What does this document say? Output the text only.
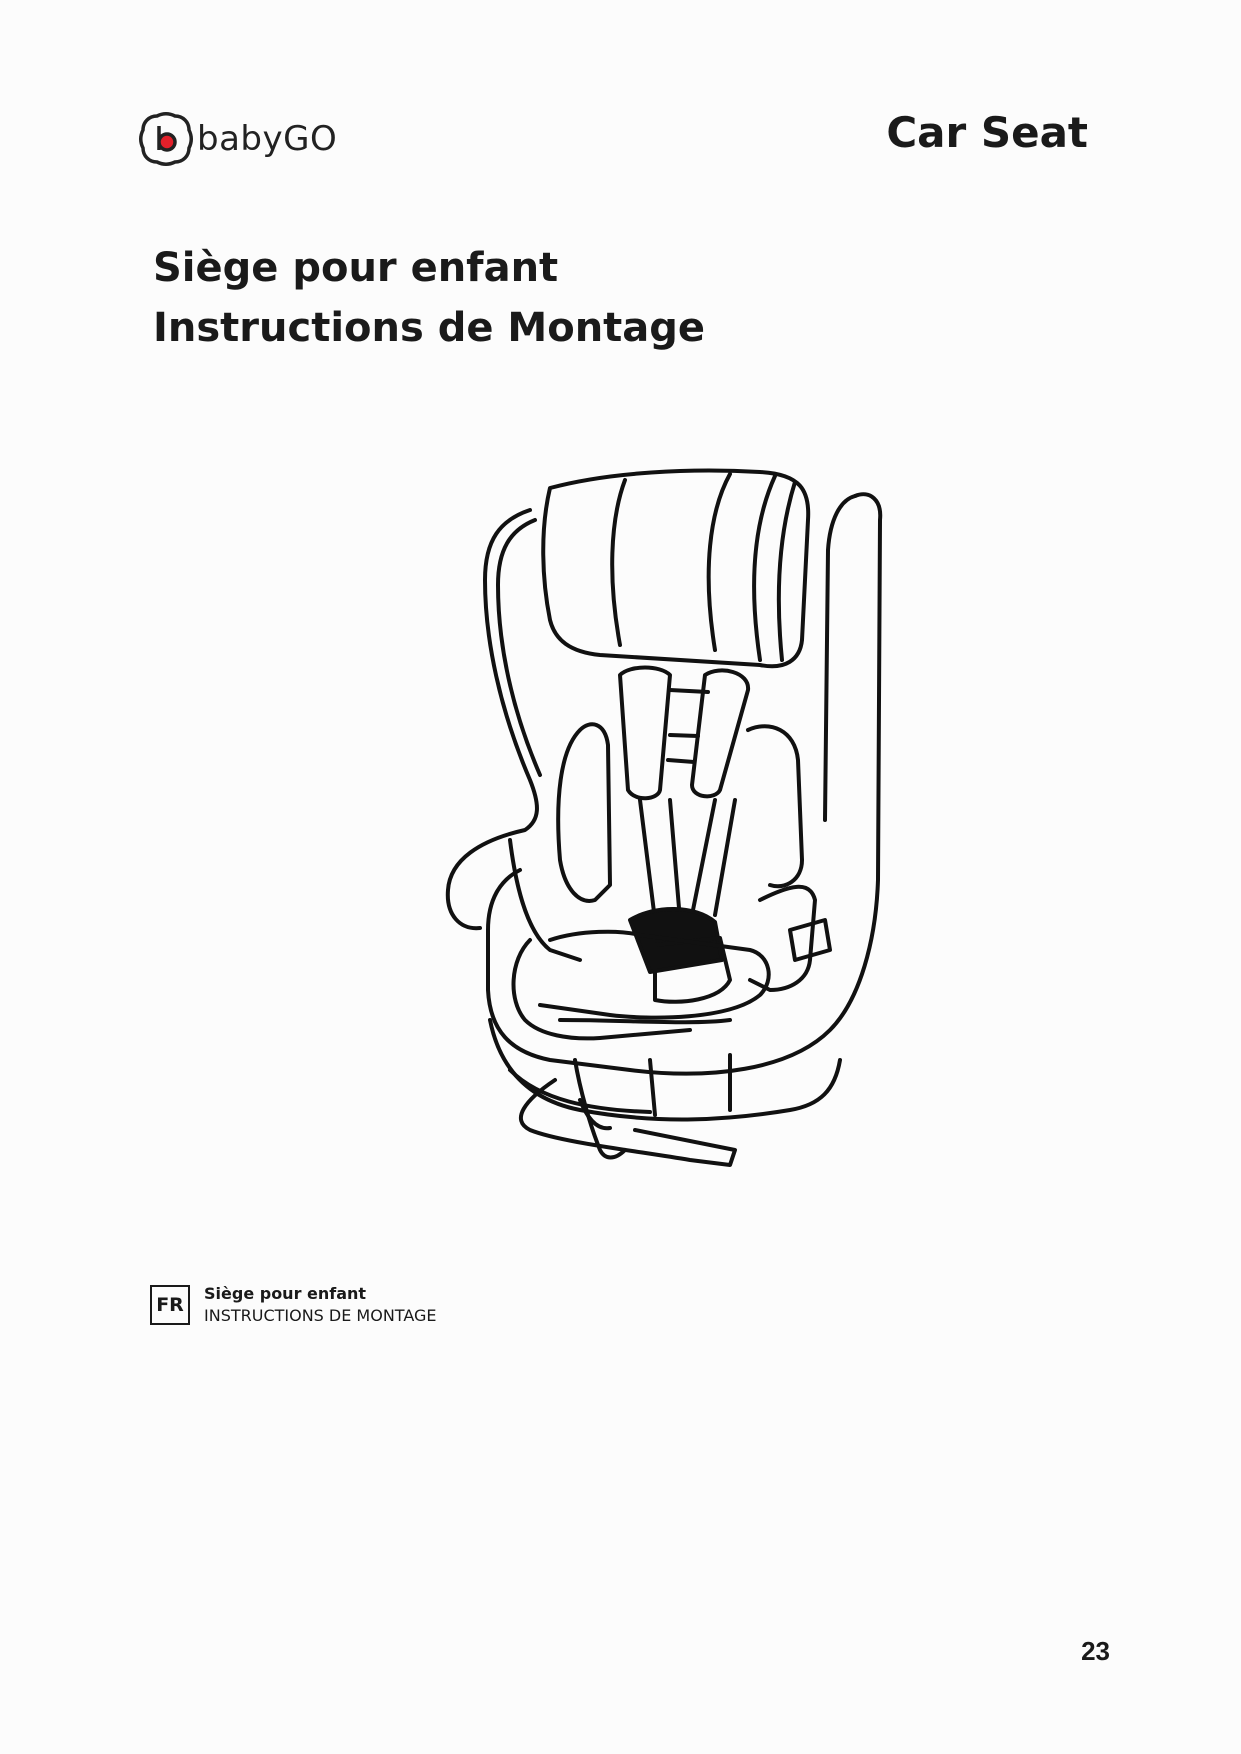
babyGO	Car Seat
Siège pour enfant
Instructions de Montage
FR
Siège pour enfant
INSTRUCTIONS DE MONTAGE
23
